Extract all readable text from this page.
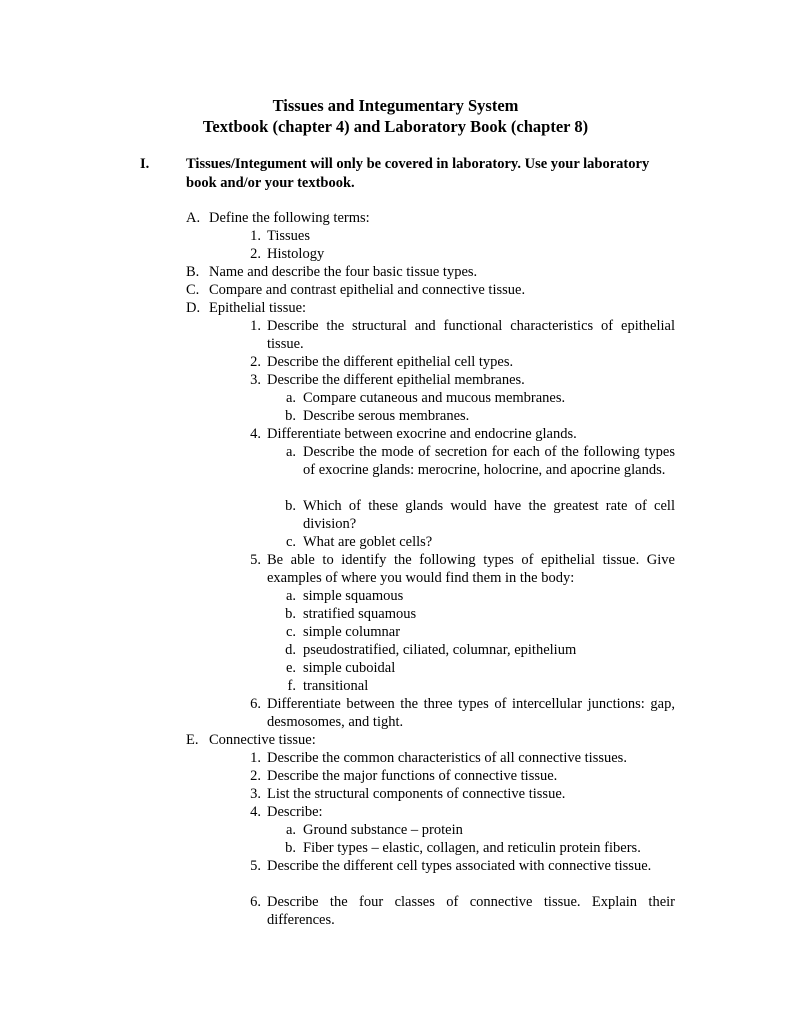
Tissues and Integumentary System
Textbook (chapter 4) and Laboratory Book (chapter 8)
I.	Tissues/Integument will only be covered in laboratory. Use your laboratory book and/or your textbook.
A. Define the following terms:
1. Tissues
2. Histology
B. Name and describe the four basic tissue types.
C. Compare and contrast epithelial and connective tissue.
D. Epithelial tissue:
1. Describe the structural and functional characteristics of epithelial tissue.
2. Describe the different epithelial cell types.
3. Describe the different epithelial membranes.
a. Compare cutaneous and mucous membranes.
b. Describe serous membranes.
4. Differentiate between exocrine and endocrine glands.
a. Describe the mode of secretion for each of the following types of exocrine glands: merocrine, holocrine, and apocrine glands.
b. Which of these glands would have the greatest rate of cell division?
c. What are goblet cells?
5. Be able to identify the following types of epithelial tissue. Give examples of where you would find them in the body:
a. simple squamous
b. stratified squamous
c. simple columnar
d. pseudostratified, ciliated, columnar, epithelium
e. simple cuboidal
f. transitional
6. Differentiate between the three types of intercellular junctions: gap, desmosomes, and tight.
E. Connective tissue:
1. Describe the common characteristics of all connective tissues.
2. Describe the major functions of connective tissue.
3. List the structural components of connective tissue.
4. Describe:
a. Ground substance – protein
b. Fiber types – elastic, collagen, and reticulin protein fibers.
5. Describe the different cell types associated with connective tissue.
6. Describe the four classes of connective tissue. Explain their differences.
